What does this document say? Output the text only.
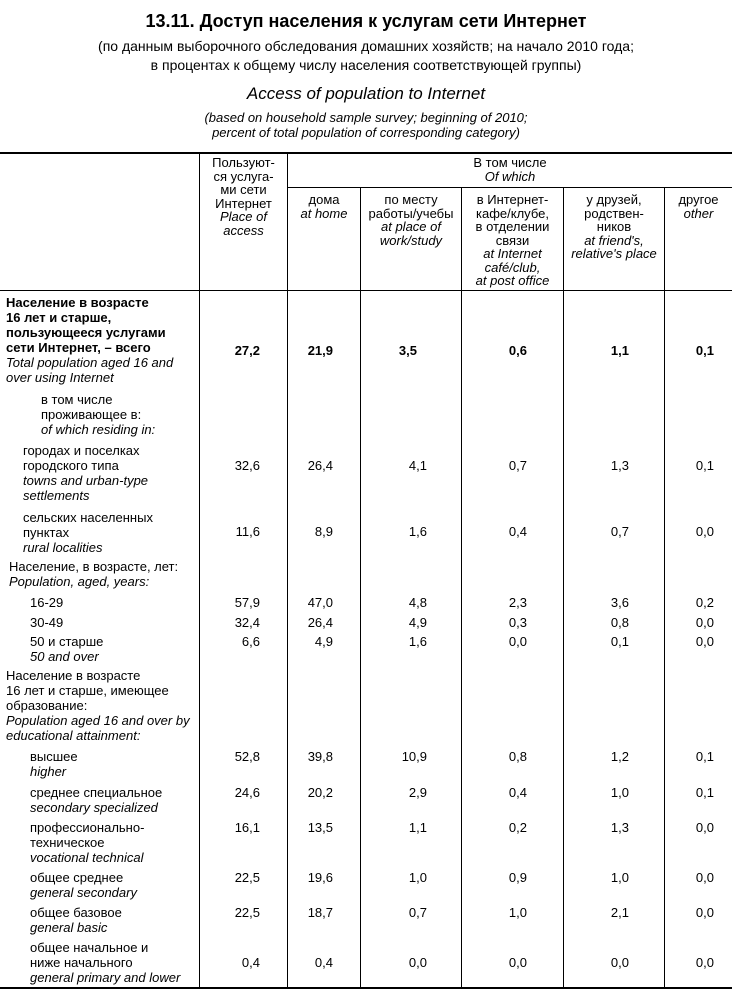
13.11. Доступ населения к услугам сети Интернет
(по данным выборочного обследования домашних хозяйств; на начало 2010 года;
в процентах к общему числу населения соответствующей группы)
Access of population to Internet
(based on household sample survey; beginning of 2010;
percent of total population of corresponding category)
Пользуют-
ся услуга-
ми сети
Интернет
Place of
access
В том числе
Of which
дома
at home
по месту
работы/учебы
at place of
work/study
в Интернет-
кафе/клубе,
в отделении
связи
at Internet
café/club,
at post office
у друзей,
родствен-
ников
at friend's,
relative's place
другое
other
Население в возрасте
16 лет и старше,
пользующееся услугами
сети Интернет, – всего
Total population aged 16 and
over using Internet
27,2	21,9	3,5	0,6	1,1	0,1
в том числе
проживающее в:
of which residing in:
городах и поселках
городского типа
towns and urban-type
settlements
32,6	26,4	4,1	0,7	1,3	0,1
сельских населенных
пунктах
rural localities
11,6	8,9	1,6	0,4	0,7	0,0
Население, в возрасте, лет:
Population, aged, years:
16-29	57,9	47,0	4,8	2,3	3,6	0,2
30-49	32,4	26,4	4,9	0,3	0,8	0,0
50 и старше
50 and over
6,6	4,9	1,6	0,0	0,1	0,0
Население в возрасте
16 лет и старше, имеющее
образование:
Population aged 16 and over by
educational attainment:
высшее
higher
52,8	39,8	10,9	0,8	1,2	0,1
среднее специальное
secondary specialized
24,6	20,2	2,9	0,4	1,0	0,1
профессионально-
техническое
vocational technical
16,1	13,5	1,1	0,2	1,3	0,0
общее среднее
general secondary
22,5	19,6	1,0	0,9	1,0	0,0
общее базовое
general basic
22,5	18,7	0,7	1,0	2,1	0,0
общее начальное и
ниже начального
general primary and lower
0,4	0,4	0,0	0,0	0,0	0,0
